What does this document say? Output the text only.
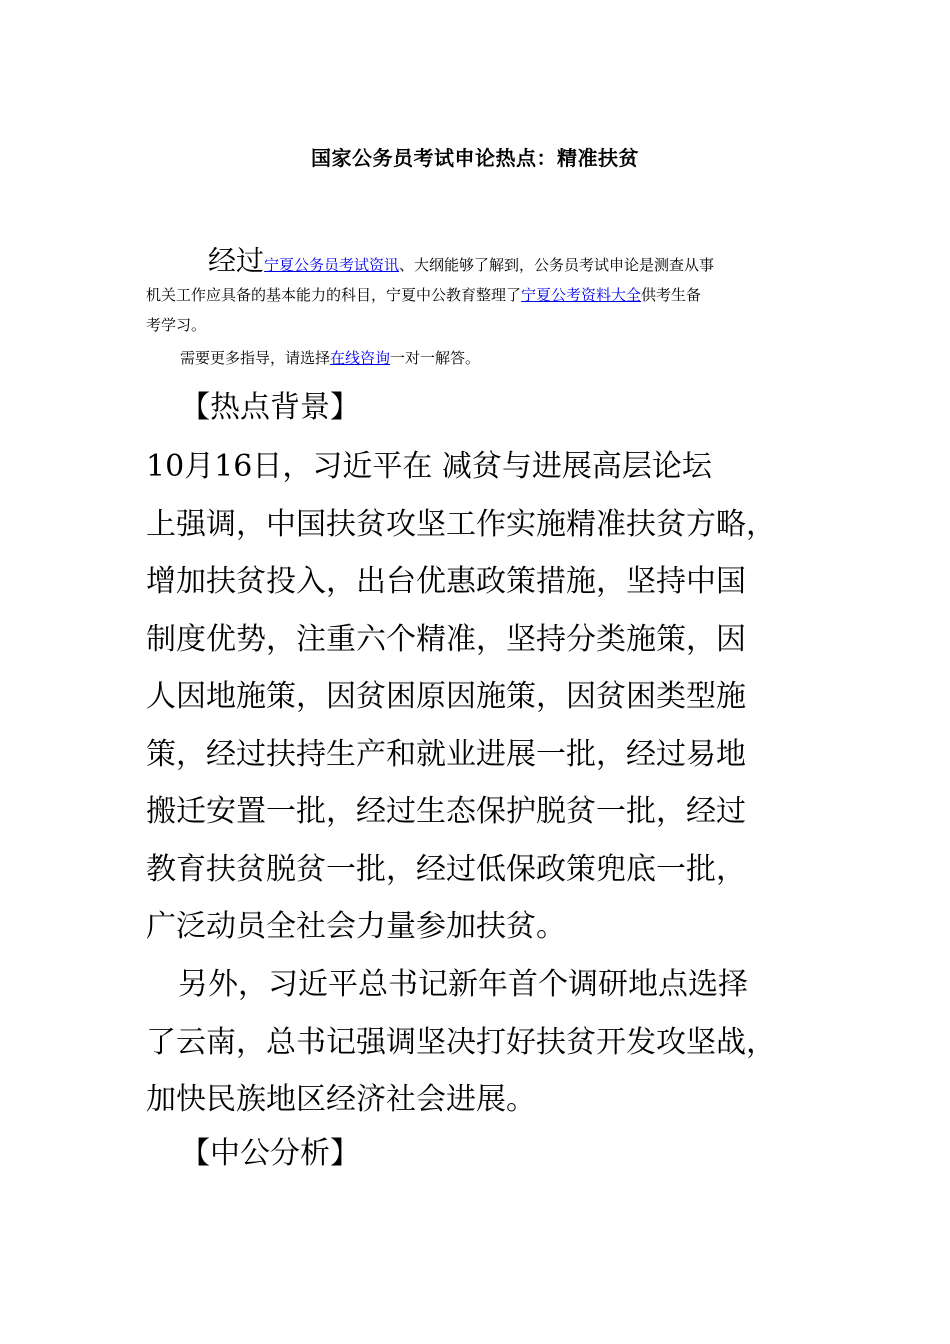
国家公务员考试申论热点：精准扶贫
经过宁夏公务员考试资讯、大纲能够了解到，公务员考试申论是测查从事
机关工作应具备的基本能力的科目，宁夏中公教育整理了宁夏公考资料大全供考生备
考学习。
需要更多指导，请选择在线咨询一对一解答。
【热点背景】
10月16日，习近平在 减贫与进展高层论坛
上强调，中国扶贫攻坚工作实施精准扶贫方略，
增加扶贫投入，出台优惠政策措施，坚持中国
制度优势，注重六个精准，坚持分类施策，因
人因地施策，因贫困原因施策，因贫困类型施
策，经过扶持生产和就业进展一批，经过易地
搬迁安置一批，经过生态保护脱贫一批，经过
教育扶贫脱贫一批，经过低保政策兜底一批，
广泛动员全社会力量参加扶贫。
另外，习近平总书记新年首个调研地点选择
了云南，总书记强调坚决打好扶贫开发攻坚战，
加快民族地区经济社会进展。
【中公分析】
